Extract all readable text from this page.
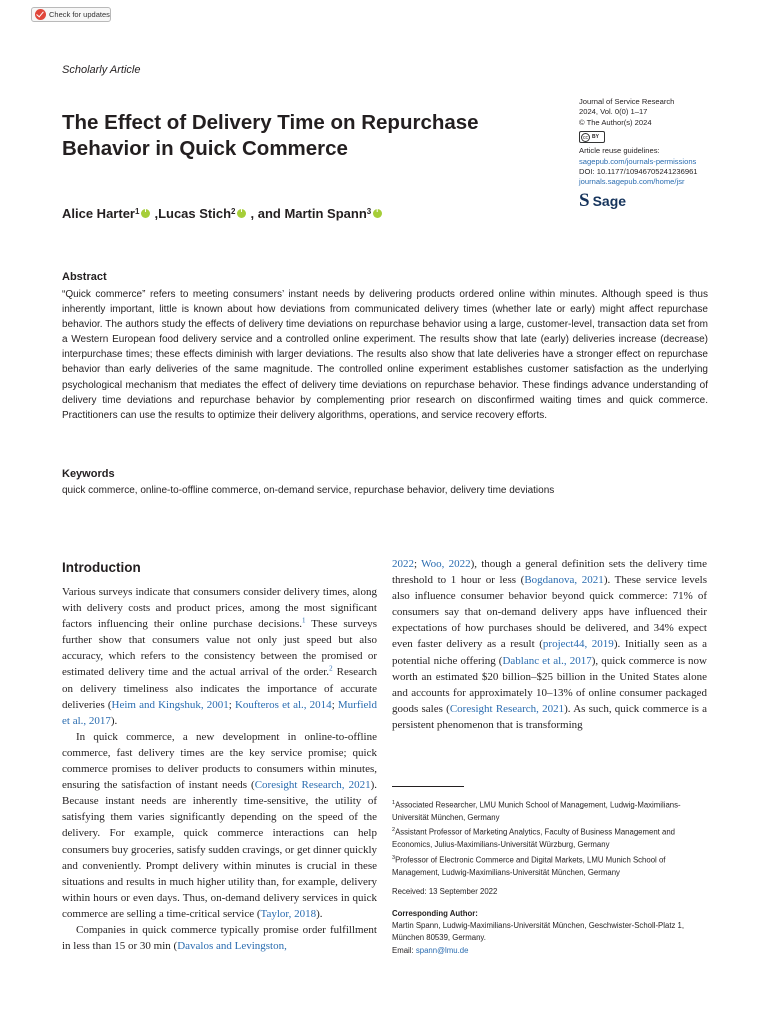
Check for updates
Scholarly Article
The Effect of Delivery Time on Repurchase Behavior in Quick Commerce
Journal of Service Research
2024, Vol. 0(0) 1–17
© The Author(s) 2024
cc BY
Article reuse guidelines:
sagepub.com/journals-permissions
DOI: 10.1177/10946705241236961
journals.sagepub.com/home/jsr
S Sage
Alice Harter$^1$ i , Lucas Stich$^2$ i , and Martin Spann$^3$
i
Abstract

“Quick commerce” refers to meeting consumers’ instant needs by delivering products ordered online within minutes. Although speed is thus inherently important, little is known about how deviations from communicated delivery times (whether late or early) might affect repurchase behavior. The authors study the effects of delivery time deviations on repurchase behavior using a large, customer-level, transaction data set from a Western European food delivery service and a controlled online experiment. The results show that late (early) deliveries increase (decrease) interpurchase times; these effects diminish with larger deviations. The results also show that late deliveries have a stronger effect on repurchase behavior than early deliveries of the same magnitude. The controlled online experiment establishes customer satisfaction as the underlying psychological mechanism that mediates the effect of delivery time deviations on repurchase behavior. These findings advance understanding of delivery time deviations and repurchase behavior by complementing prior research on disconfirmed waiting times and quick commerce. Practitioners can use the results to optimize their delivery algorithms, operations, and service recovery efforts.

Keywords

quick commerce, online-to-offline commerce, on-demand service, repurchase behavior, delivery time deviations

Introduction

Various surveys indicate that consumers consider delivery times, along with delivery costs and product prices, among the most significant factors influencing their online purchase decisions.$^1$ These surveys further show that consumers value not only just speed but also accuracy, which refers to the consistency between the promised or estimated delivery time and the actual arrival of the order.$^2$ Research on delivery timeliness also indicates the importance of accurate deliveries (Heim and Kingshuk, 2001; Koufteros et al., 2014; Murfield et al., 2017).

In quick commerce, a new development in online-to-offline commerce, fast delivery times are the key service promise; quick commerce promises to deliver products to consumers within minutes, ensuring the satisfaction of instant needs (Coresight Research, 2021). Because instant needs are inherently time-sensitive, the utility of satisfying them varies significantly depending on the speed of the delivery. For example, quick commerce interactions can help consumers buy groceries, satisfy sudden cravings, or get dinner quickly and conveniently. Prompt delivery within minutes is crucial in these situations and results in much higher utility than, for example, delivery within hours or even days. Thus, on-demand delivery services in quick commerce are selling a time-critical service (Taylor, 2018).

Companies in quick commerce typically promise order fulfillment in less than 15 or 30 min (Davalos and Levingston,

2022; Woo, 2022), though a general definition sets the delivery time threshold to 1 hour or less (Bogdanova, 2021). These service levels also influence consumer behavior beyond quick commerce: 71% of consumers say that on-demand delivery apps have influenced their expectations of how purchases should be delivered, and 34% expect even faster delivery as a result (project44, 2019). Initially seen as a potential niche offering (Dablanc et al., 2017), quick commerce is now worth an estimated $20 billion–$25 billion in the United States alone and accounts for approximately 10–13% of online consumer packaged goods sales (Coresight Research, 2021). As such, quick commerce is a persistent phenomenon that is transforming

$^1$Associated Researcher, LMU Munich School of Management, Ludwig-Maximilians-Universität München, Germany

$^2$Assistant Professor of Marketing Analytics, Faculty of Business Management and Economics, Julius-Maximilians-Universität Würzburg, Germany

$^3$Professor of Electronic Commerce and Digital Markets, LMU Munich School of Management, Ludwig-Maximilians-Universität München, Germany

Received: 13 September 2022

Corresponding Author:

Martin Spann, Ludwig-Maximilians-Universität München, Geschwister-Scholl-Platz 1, München 80539, Germany.

Email: spann@lmu.de
